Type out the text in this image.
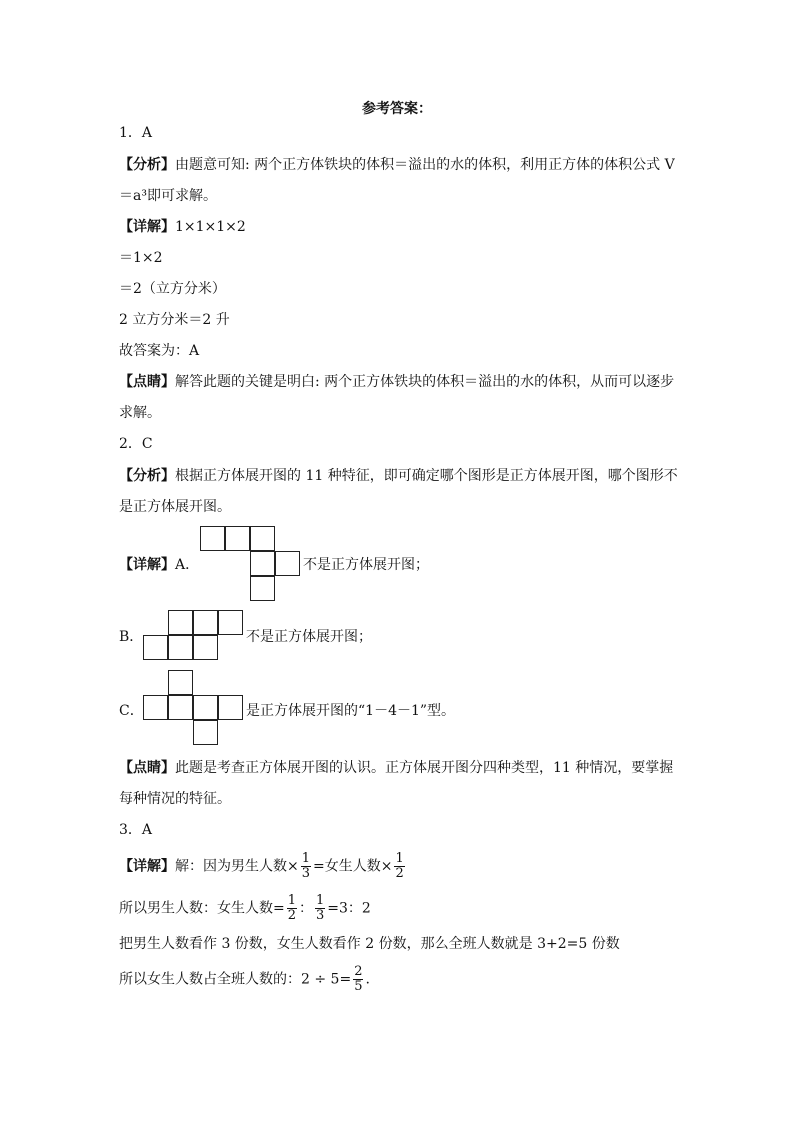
参考答案：
1．A
【分析】由题意可知: 两个正方体铁块的体积＝溢出的水的体积，利用正方体的体积公式 V
＝a³即可求解。
【详解】1×1×1×2
＝1×2
＝2（立方分米）
2 立方分米＝2 升
故答案为：A
【点睛】解答此题的关键是明白: 两个正方体铁块的体积＝溢出的水的体积，从而可以逐步
求解。
2．C
【分析】根据正方体展开图的 11 种特征，即可确定哪个图形是正方体展开图，哪个图形不
是正方体展开图。
【详解】A．	不是正方体展开图；
B．	不是正方体展开图；
C．	是正方体展开图的“1－4－1”型。
【点睛】此题是考查正方体展开图的认识。正方体展开图分四种类型，11 种情况，要掌握
每种情况的特征。
3．A
【详解】解：因为男生人数× $\frac{1}{3}$ =女生人数× $\frac{1}{2}$
所以男生人数：女生人数= $\frac{1}{2}$ ： $\frac{1}{3} =3$：2
把男生人数看作 3 份数，女生人数看作 2 份数，那么全班人数就是 3+2=5 份数
所以女生人数占全班人数的：$2 \div 5= \frac{2}{5}$ .
